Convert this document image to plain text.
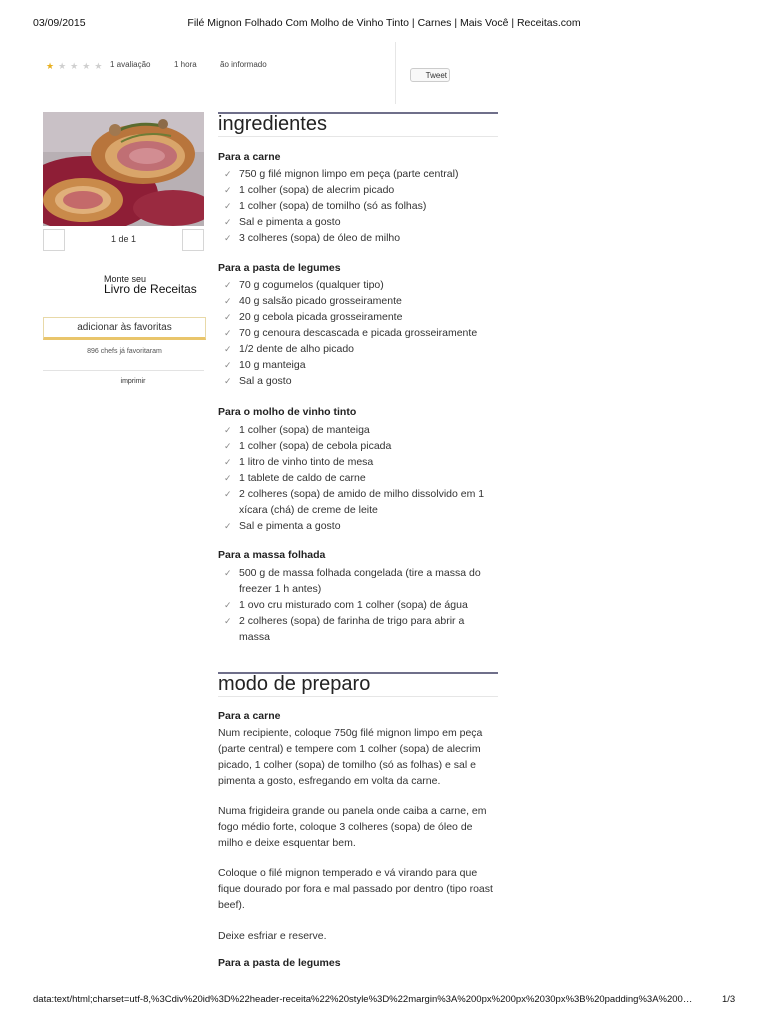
03/09/2015	Filé Mignon Folhado Com Molho de Vinho Tinto | Carnes | Mais Você | Receitas.com
★ ★ ★ ★ ★ 1 avaliação	1 hora	ão informado
Tweet
1 de 1
Monte seu
Livro de Receitas
adicionar às favoritas
896 chefs já favoritaram
imprimir
ingredientes
Para a carne
✓ 750 g filé mignon limpo em peça (parte central)
✓ 1 colher (sopa) de alecrim picado
✓ 1 colher (sopa) de tomilho (só as folhas)
✓ Sal e pimenta a gosto
✓ 3 colheres (sopa) de óleo de milho
Para a pasta de legumes
✓ 70 g cogumelos (qualquer tipo)
✓ 40 g salsão picado grosseiramente
✓ 20 g cebola picada grosseiramente
✓ 70 g cenoura descascada e picada grosseiramente
✓ 1/2 dente de alho picado
✓ 10 g manteiga
✓ Sal a gosto
Para o molho de vinho tinto
✓ 1 colher (sopa) de manteiga
✓ 1 colher (sopa) de cebola picada
✓ 1 litro de vinho tinto de mesa
✓ 1 tablete de caldo de carne
✓ 2 colheres (sopa) de amido de milho dissolvido em 1 xícara (chá) de creme de leite
✓ Sal e pimenta a gosto
Para a massa folhada
✓ 500 g de massa folhada congelada (tire a massa do freezer 1 h antes)
✓ 1 ovo cru misturado com 1 colher (sopa) de água
✓ 2 colheres (sopa) de farinha de trigo para abrir a massa
modo de preparo
Para a carne

Num recipiente, coloque 750g filé mignon limpo em peça (parte central) e tempere com 1 colher (sopa) de alecrim picado, 1 colher (sopa) de tomilho (só as folhas) e sal e pimenta a gosto, esfregando em volta da carne.

Numa frigideira grande ou panela onde caiba a carne, em fogo médio forte, coloque 3 colheres (sopa) de óleo de milho e deixe esquentar bem.

Coloque o filé mignon temperado e vá virando para que fique dourado por fora e mal passado por dentro (tipo roast beef).

Deixe esfriar e reserve.

Para a pasta de legumes
data:text/html;charset=utf-8,%3Cdiv%20id%3D%22header-receita%22%20style%3D%22margin%3A%200px%200px%2030px%3B%20padding%3A%200…	1/3
